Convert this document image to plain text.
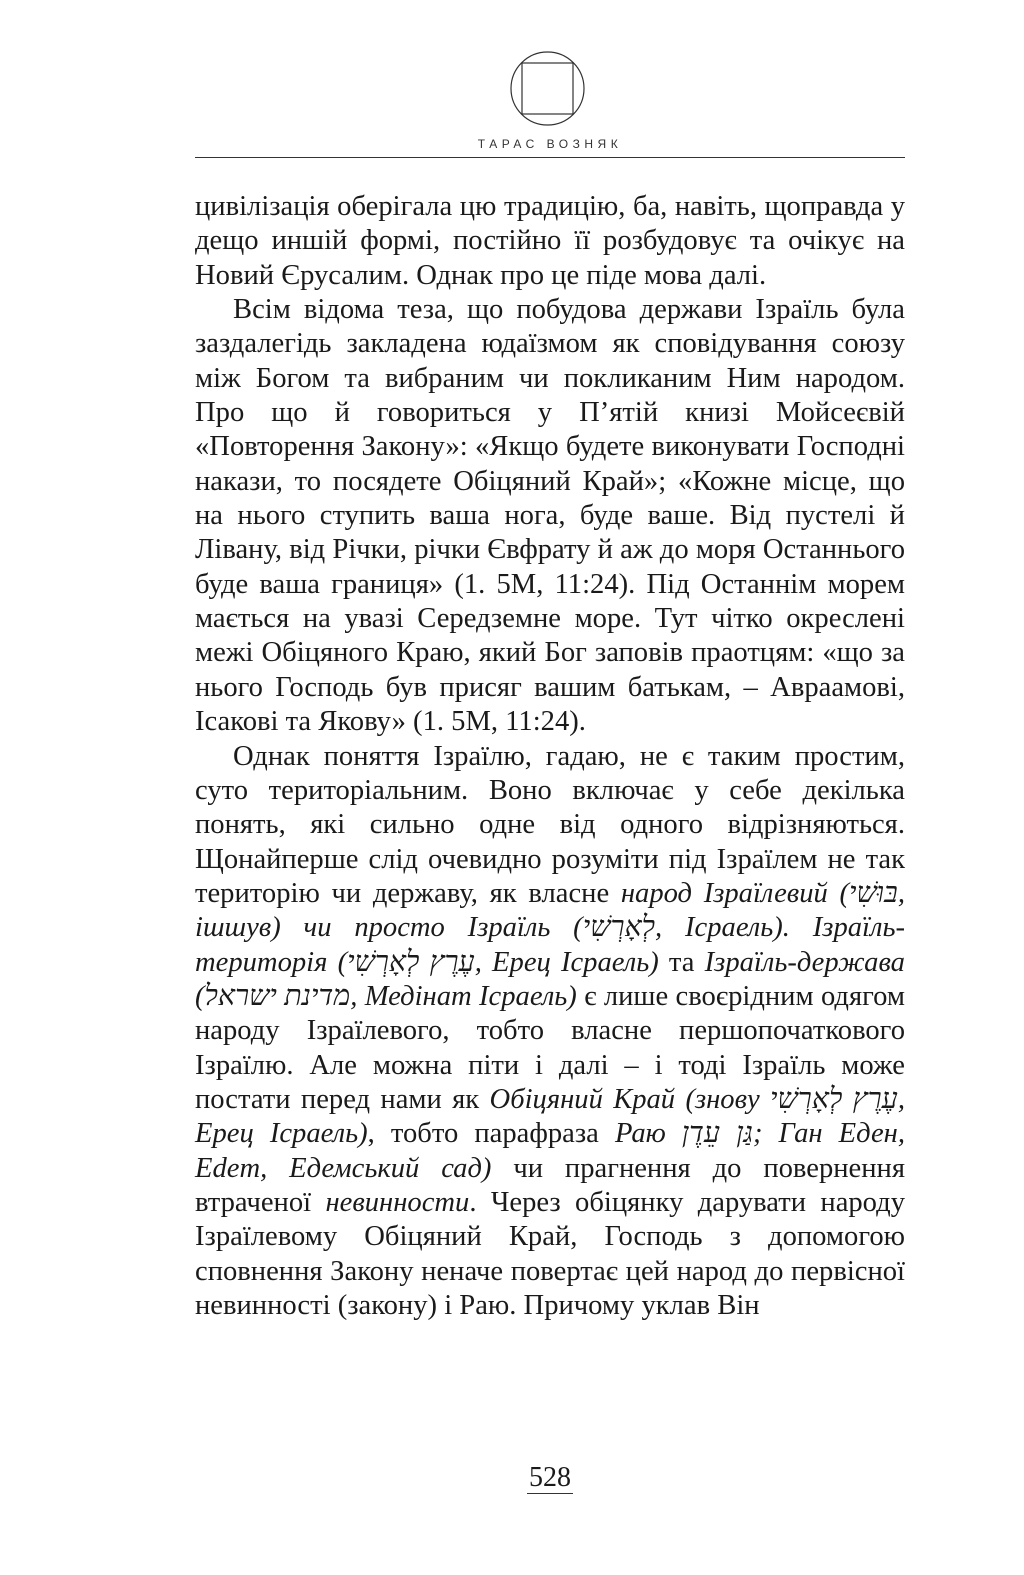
ТАРАС ВОЗНЯК

цивілізація оберігала цю традицію, ба, навіть, щоправда у дещо иншій формі, постійно її розбудовує та очікує на Новий Єрусалим. Однак про це піде мова далі.

Всім відома теза, що побудова держави Ізраїль була заздалегідь закладена юдаїзмом як сповідування союзу між Богом та вибраним чи покликаним Ним народом. Про що й говориться у П’ятій книзі Мойсеєвій «Повторення Закону»: «Якщо будете виконувати Господні накази, то посядете Обіцяний Край»; «Кожне місце, що на нього ступить ваша нога, буде ваше. Від пустелі й Лівану, від Річки, річки Євфрату й аж до моря Останнього буде ваша границя» (1. 5М, 11:24). Під Останнім морем мається на увазі Середземне море. Тут чітко окреслені межі Обіцяного Краю, який Бог заповів праотцям: «що за нього Господь був присяг вашим батькам, – Авраамові, Ісакові та Якову» (1. 5М, 11:24).

Однак поняття Ізраїлю, гадаю, не є таким простим, суто територіальним. Воно включає у себе декілька понять, які сильно одне від одного відрізняються. Щонайперше слід очевидно розуміти під Ізраїлем не так територію чи державу, як власне народ Ізраїлевий (בּוּשִׁי, ішшув) чи просто Ізраїль (לְאָרְשִׁי, Ісраель). Ізраїль-територія (עֶרֶץ לְאָרְשִׁי, Ерец Ісраель) та Ізраїль-держава (מדינת ישראל, Медінат Ісраель) є лише своєрідним одягом народу Ізраїлевого, тобто власне першопочаткового Ізраїлю. Але можна піти і далі – і тоді Ізраїль може постати перед нами як Обіцяний Край (знову עֶרֶץ לְאָרְשִׁי, Ерец Ісраель), тобто парафраза Раю גַּן עֵדֶן; Ган Еден, Edem, Едемський сад) чи прагнення до повернення втраченої невинности. Через обіцянку дарувати народу Ізраїлевому Обіцяний Край, Господь з допомогою сповнення Закону неначе повертає цей народ до первісної невинності (закону) і Раю. Причому уклав Він

528
